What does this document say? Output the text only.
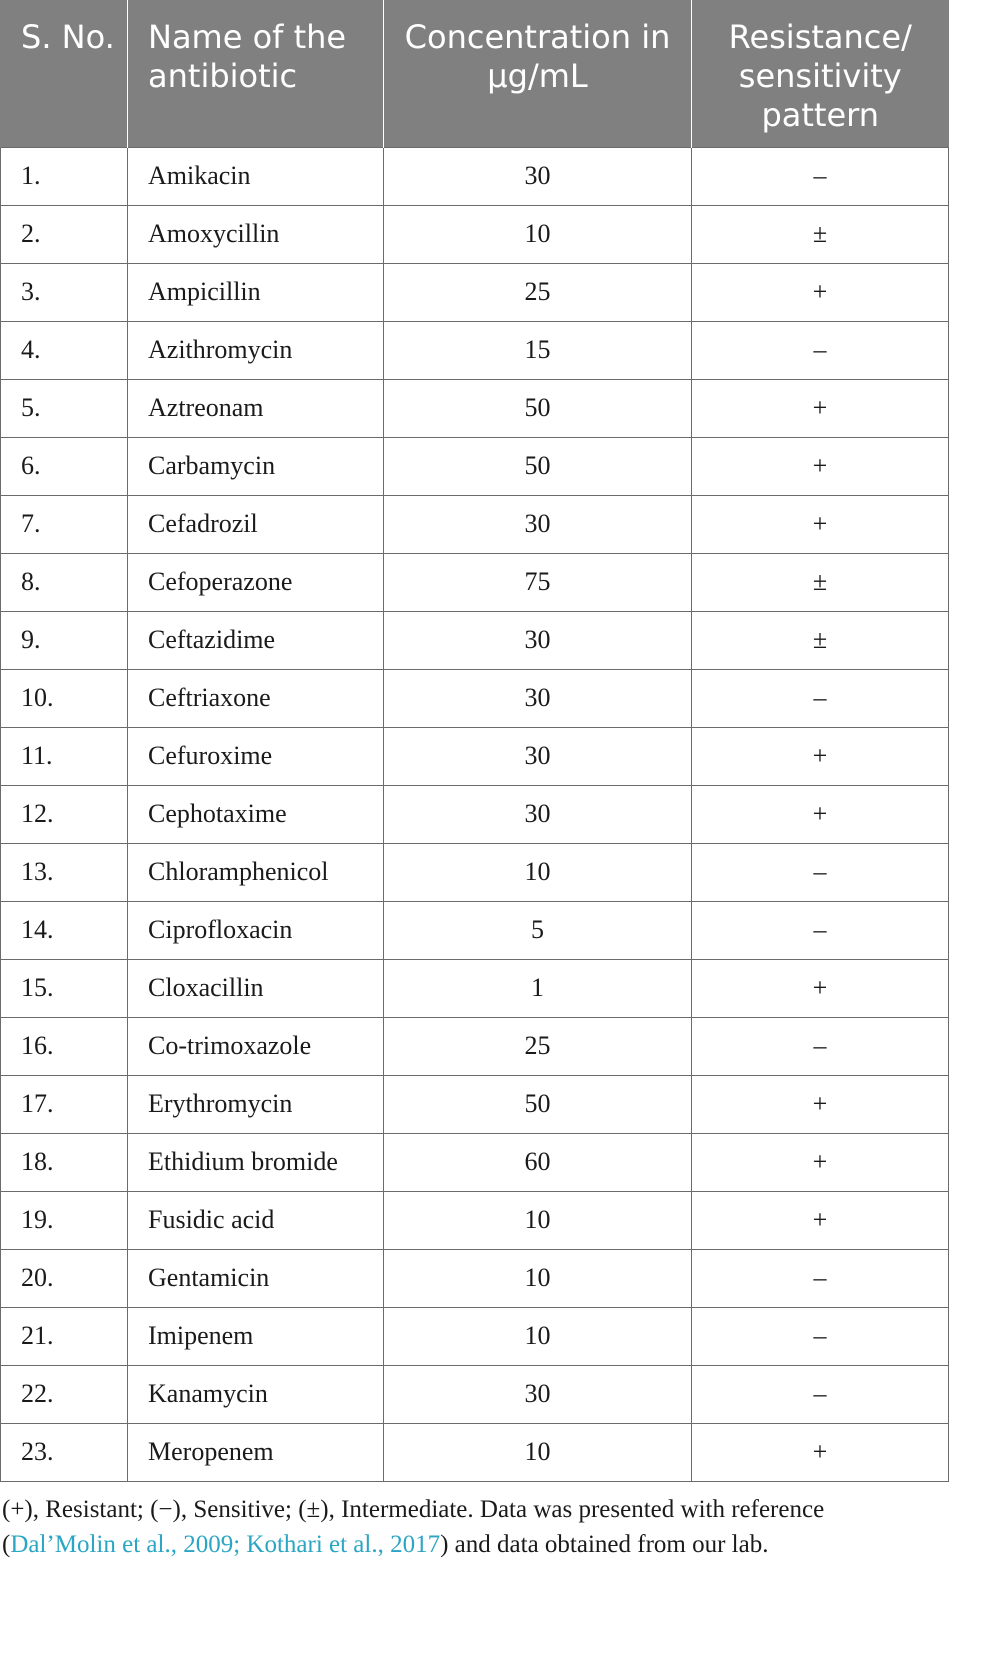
S. No.	Name of the antibiotic	Concentration in µg/mL	Resistance/ sensitivity pattern
1.	Amikacin	30	–
2.	Amoxycillin	10	±
3.	Ampicillin	25	+
4.	Azithromycin	15	–
5.	Aztreonam	50	+
6.	Carbamycin	50	+
7.	Cefadrozil	30	+
8.	Cefoperazone	75	±
9.	Ceftazidime	30	±
10.	Ceftriaxone	30	–
11.	Cefuroxime	30	+
12.	Cephotaxime	30	+
13.	Chloramphenicol	10	–
14.	Ciprofloxacin	5	–
15.	Cloxacillin	1	+
16.	Co-trimoxazole	25	–
17.	Erythromycin	50	+
18.	Ethidium bromide	60	+
19.	Fusidic acid	10	+
20.	Gentamicin	10	–
21.	Imipenem	10	–
22.	Kanamycin	30	–
23.	Meropenem	10	+
(+), Resistant; (−), Sensitive; (±), Intermediate. Data was presented with reference
(Dal’Molin et al., 2009; Kothari et al., 2017) and data obtained from our lab.
